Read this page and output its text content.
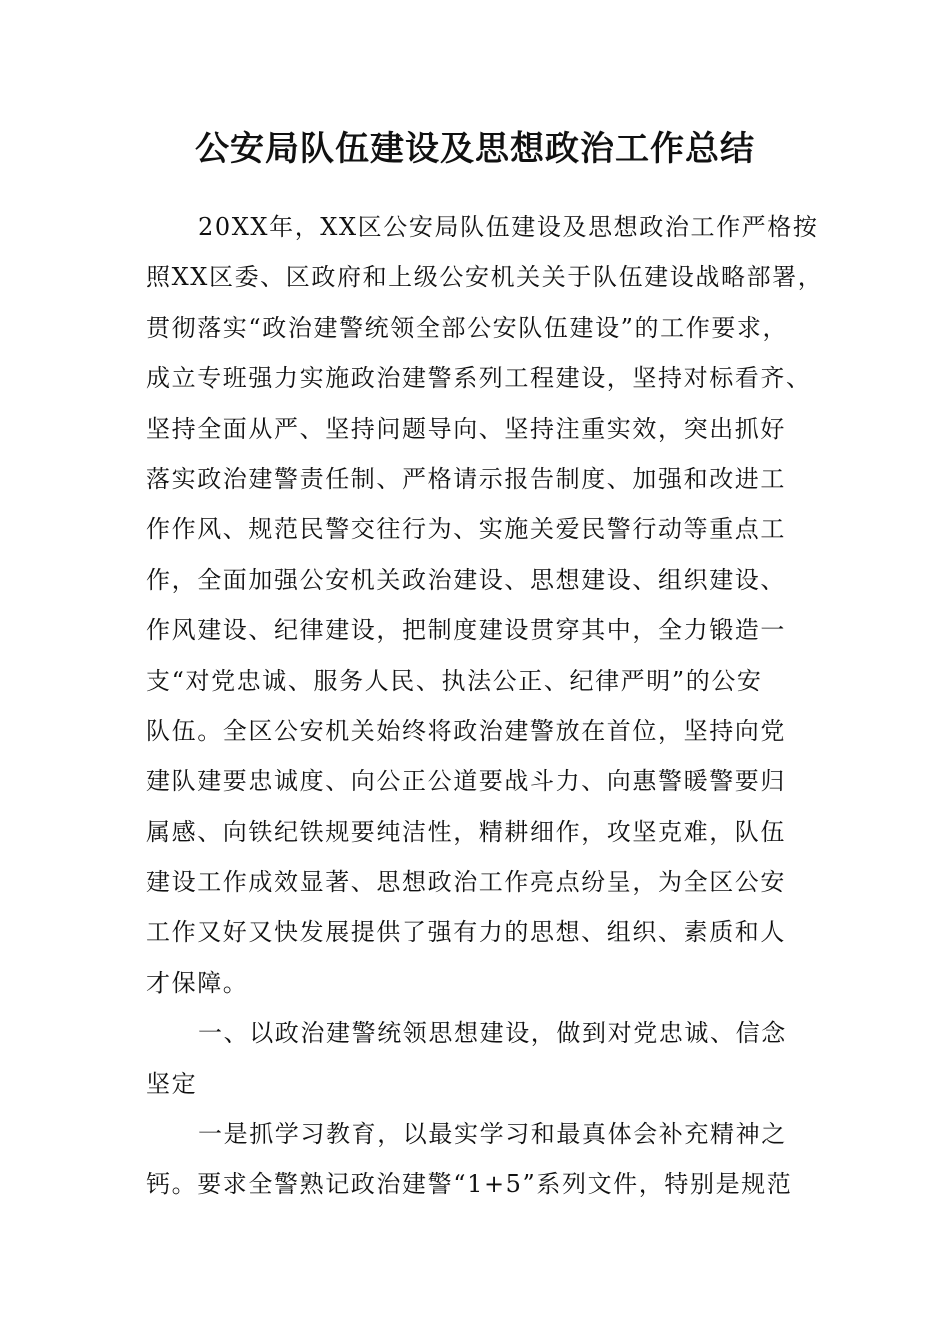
公安局队伍建设及思想政治工作总结
20XX年，XX区公安局队伍建设及思想政治工作严格按
照XX区委、区政府和上级公安机关关于队伍建设战略部署，
贯彻落实“政治建警统领全部公安队伍建设”的工作要求，
成立专班强力实施政治建警系列工程建设，坚持对标看齐、
坚持全面从严、坚持问题导向、坚持注重实效，突出抓好
落实政治建警责任制、严格请示报告制度、加强和改进工
作作风、规范民警交往行为、实施关爱民警行动等重点工
作，全面加强公安机关政治建设、思想建设、组织建设、
作风建设、纪律建设，把制度建设贯穿其中，全力锻造一
支“对党忠诚、服务人民、执法公正、纪律严明”的公安
队伍。全区公安机关始终将政治建警放在首位，坚持向党
建队建要忠诚度、向公正公道要战斗力、向惠警暖警要归
属感、向铁纪铁规要纯洁性，精耕细作，攻坚克难，队伍
建设工作成效显著、思想政治工作亮点纷呈，为全区公安
工作又好又快发展提供了强有力的思想、组织、素质和人
才保障。
一、以政治建警统领思想建设，做到对党忠诚、信念
坚定
一是抓学习教育，以最实学习和最真体会补充精神之
钙。要求全警熟记政治建警“1+5”系列文件，特别是规范
